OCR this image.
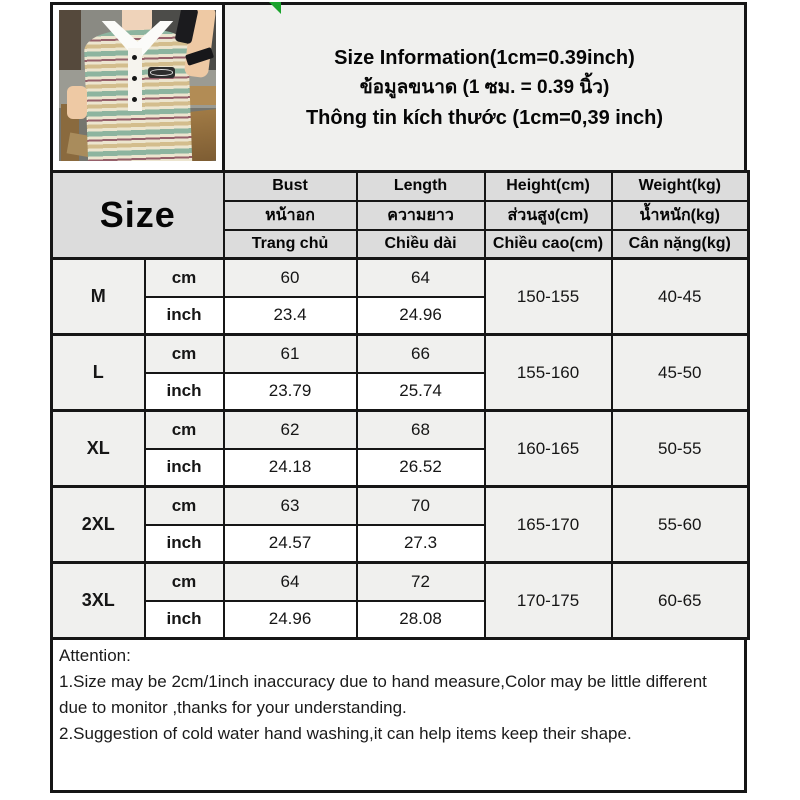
Size Information(1cm=0.39inch)
ข้อมูลขนาด (1 ซม. = 0.39 นิ้ว)
Thông tin kích thước (1cm=0,39 inch)
Size		Bust	Length	Height(cm)	Weight(kg)
		หน้าอก	ความยาว	ส่วนสูง(cm)	น้ำหนัก(kg)
		Trang chủ	Chiều dài	Chiều cao(cm)	Cân nặng(kg)
M	cm	60	64	150-155	40-45
	inch	23.4	24.96		
L	cm	61	66	155-160	45-50
	inch	23.79	25.74		
XL	cm	62	68	160-165	50-55
	inch	24.18	26.52		
2XL	cm	63	70	165-170	55-60
	inch	24.57	27.3		
3XL	cm	64	72	170-175	60-65
	inch	24.96	28.08		
Attention:
1.Size may be 2cm/1inch inaccuracy due to hand measure,Color may be little different due to monitor ,thanks for your understanding.
2.Suggestion of cold water hand washing,it can help items keep their shape.
